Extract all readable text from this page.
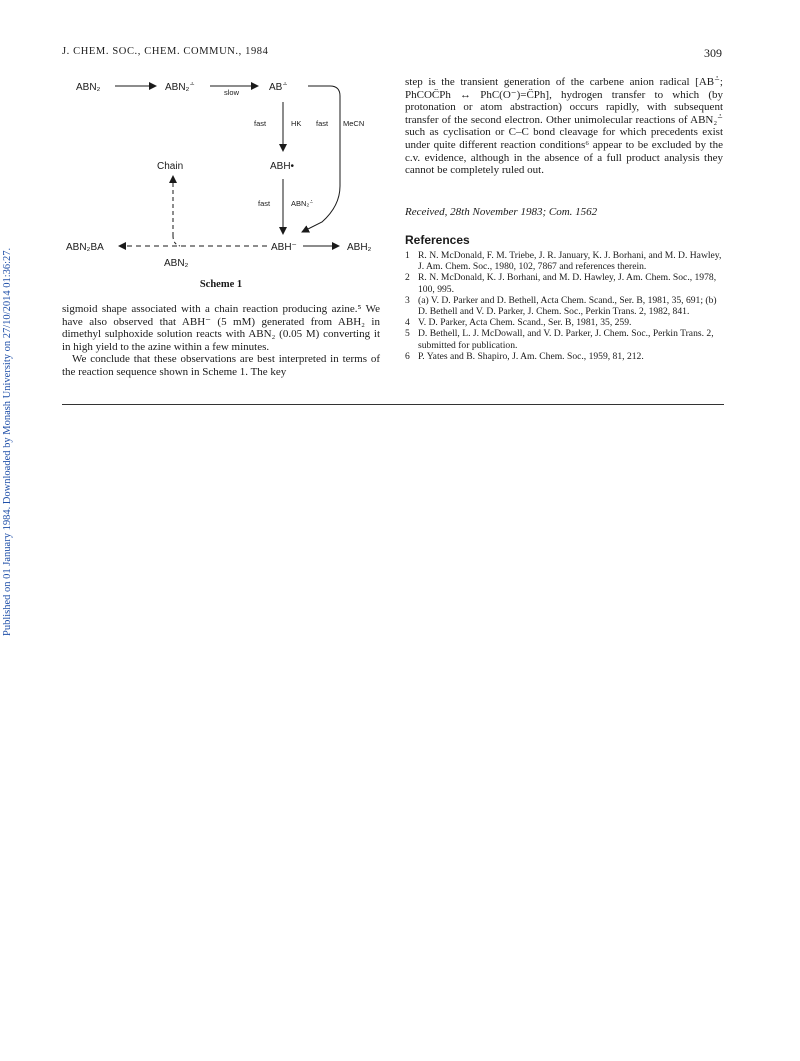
Published on 01 January 1984. Downloaded by Monash University on 27/10/2014 01:36:27.
J. CHEM. SOC., CHEM. COMMUN., 1984	309
ABN₂	ABN₂⁻̇	slow	AB⁻̇
fast	HK fast MeCN
Chain	ABH•
fast	ABN₂⁻̇
ABN₂BA
ABN₂
ABH⁻	ABH₂
Scheme 1

sigmoid shape associated with a chain reaction producing azine.⁵ We have also observed that ABH⁻ (5 mM) generated from ABH₂ in dimethyl sulphoxide solution reacts with ABN₂ (0.05 M) converting it in high yield to the azine within a few minutes.

We conclude that these observations are best interpreted in terms of the reaction sequence shown in Scheme 1. The key

step is the transient generation of the carbene anion radical [AB⁻̇; PhCOC̈Ph ↔ PhC(O⁻)=C̈Ph], hydrogen transfer to which (by protonation or atom abstraction) occurs rapidly, with subsequent transfer of the second electron. Other unimolecular reactions of ABN₂⁻̇ such as cyclisation or C–C bond cleavage for which precedents exist under quite different reaction conditions⁶ appear to be excluded by the c.v. evidence, although in the absence of a full product analysis they cannot be completely ruled out.

Received, 28th November 1983; Com. 1562
References
1 R. N. McDonald, F. M. Triebe, J. R. January, K. J. Borhani, and M. D. Hawley, J. Am. Chem. Soc., 1980, 102, 7867 and references therein.
2 R. N. McDonald, K. J. Borhani, and M. D. Hawley, J. Am. Chem. Soc., 1978, 100, 995.
3 (a) V. D. Parker and D. Bethell, Acta Chem. Scand., Ser. B, 1981, 35, 691; (b) D. Bethell and V. D. Parker, J. Chem. Soc., Perkin Trans. 2, 1982, 841.
4 V. D. Parker, Acta Chem. Scand., Ser. B, 1981, 35, 259.
5 D. Bethell, L. J. McDowall, and V. D. Parker, J. Chem. Soc., Perkin Trans. 2, submitted for publication.
6 P. Yates and B. Shapiro, J. Am. Chem. Soc., 1959, 81, 212.
